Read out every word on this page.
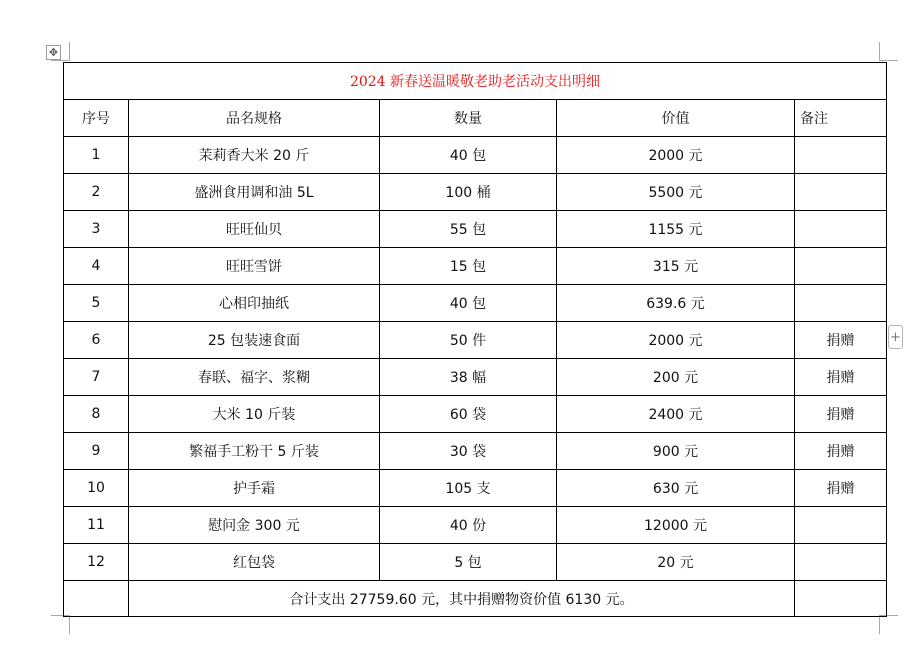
✥
+
2024 新春送温暖敬老助老活动支出明细				
序号	品名规格	数量	价值	备注
1	茉莉香大米 20 斤	40 包	2000 元	
2	盛洲食用调和油 5L	100 桶	5500 元	
3	旺旺仙贝	55 包	1155 元	
4	旺旺雪饼	15 包	315 元	
5	心相印抽纸	40 包	639.6 元	
6	25 包装速食面	50 件	2000 元	捐赠
7	春联、福字、浆糊	38 幅	200 元	捐赠
8	大米 10 斤装	60 袋	2400 元	捐赠
9	繁福手工粉干 5 斤装	30 袋	900 元	捐赠
10	护手霜	105 支	630 元	捐赠
11	慰问金 300 元	40 份	12000 元	
12	红包袋	5 包	20 元	
	合计支出 27759.60 元，其中捐赠物资价值 6130 元。			
